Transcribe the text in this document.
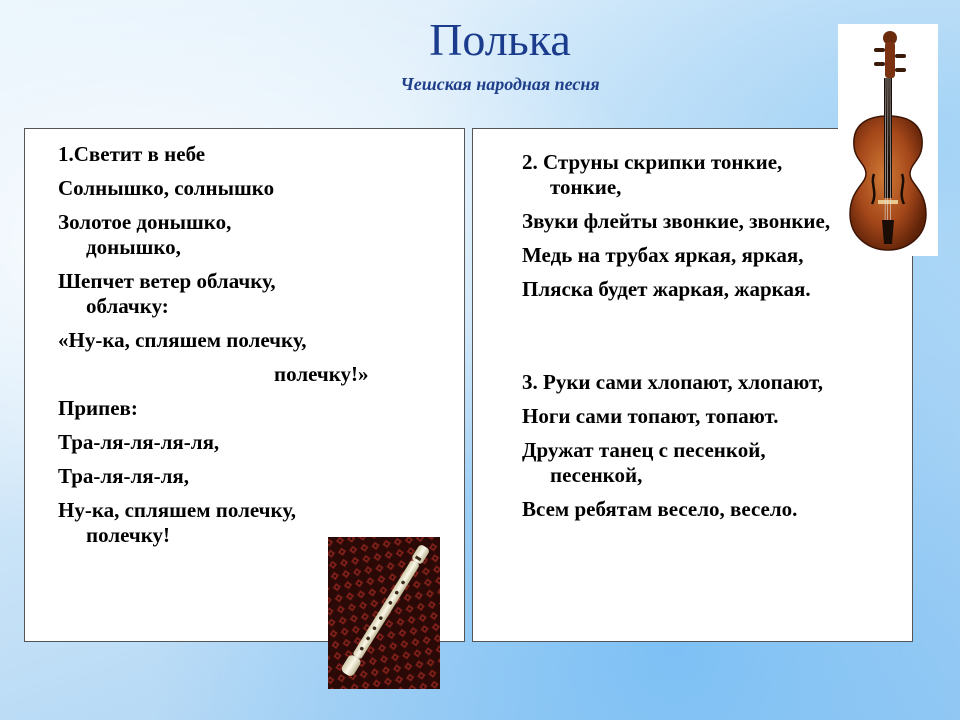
Полька
Чешская народная песня
1.Светит в небе
Солнышко, солнышко
Золотое донышко,
донышко,
Шепчет ветер облачку,
облачку:
«Ну-ка, спляшем полечку,
полечку!»
Припев:
Тра-ля-ля-ля-ля,
Тра-ля-ля-ля,
Ну-ка, спляшем полечку,
полечку!
2. Струны скрипки тонкие,
тонкие,
Звуки флейты звонкие, звонкие,
Медь на трубах яркая, яркая,
Пляска будет жаркая, жаркая.
3. Руки сами хлопают, хлопают,
Ноги сами топают, топают.
Дружат танец с песенкой,
песенкой,
Всем ребятам весело, весело.
